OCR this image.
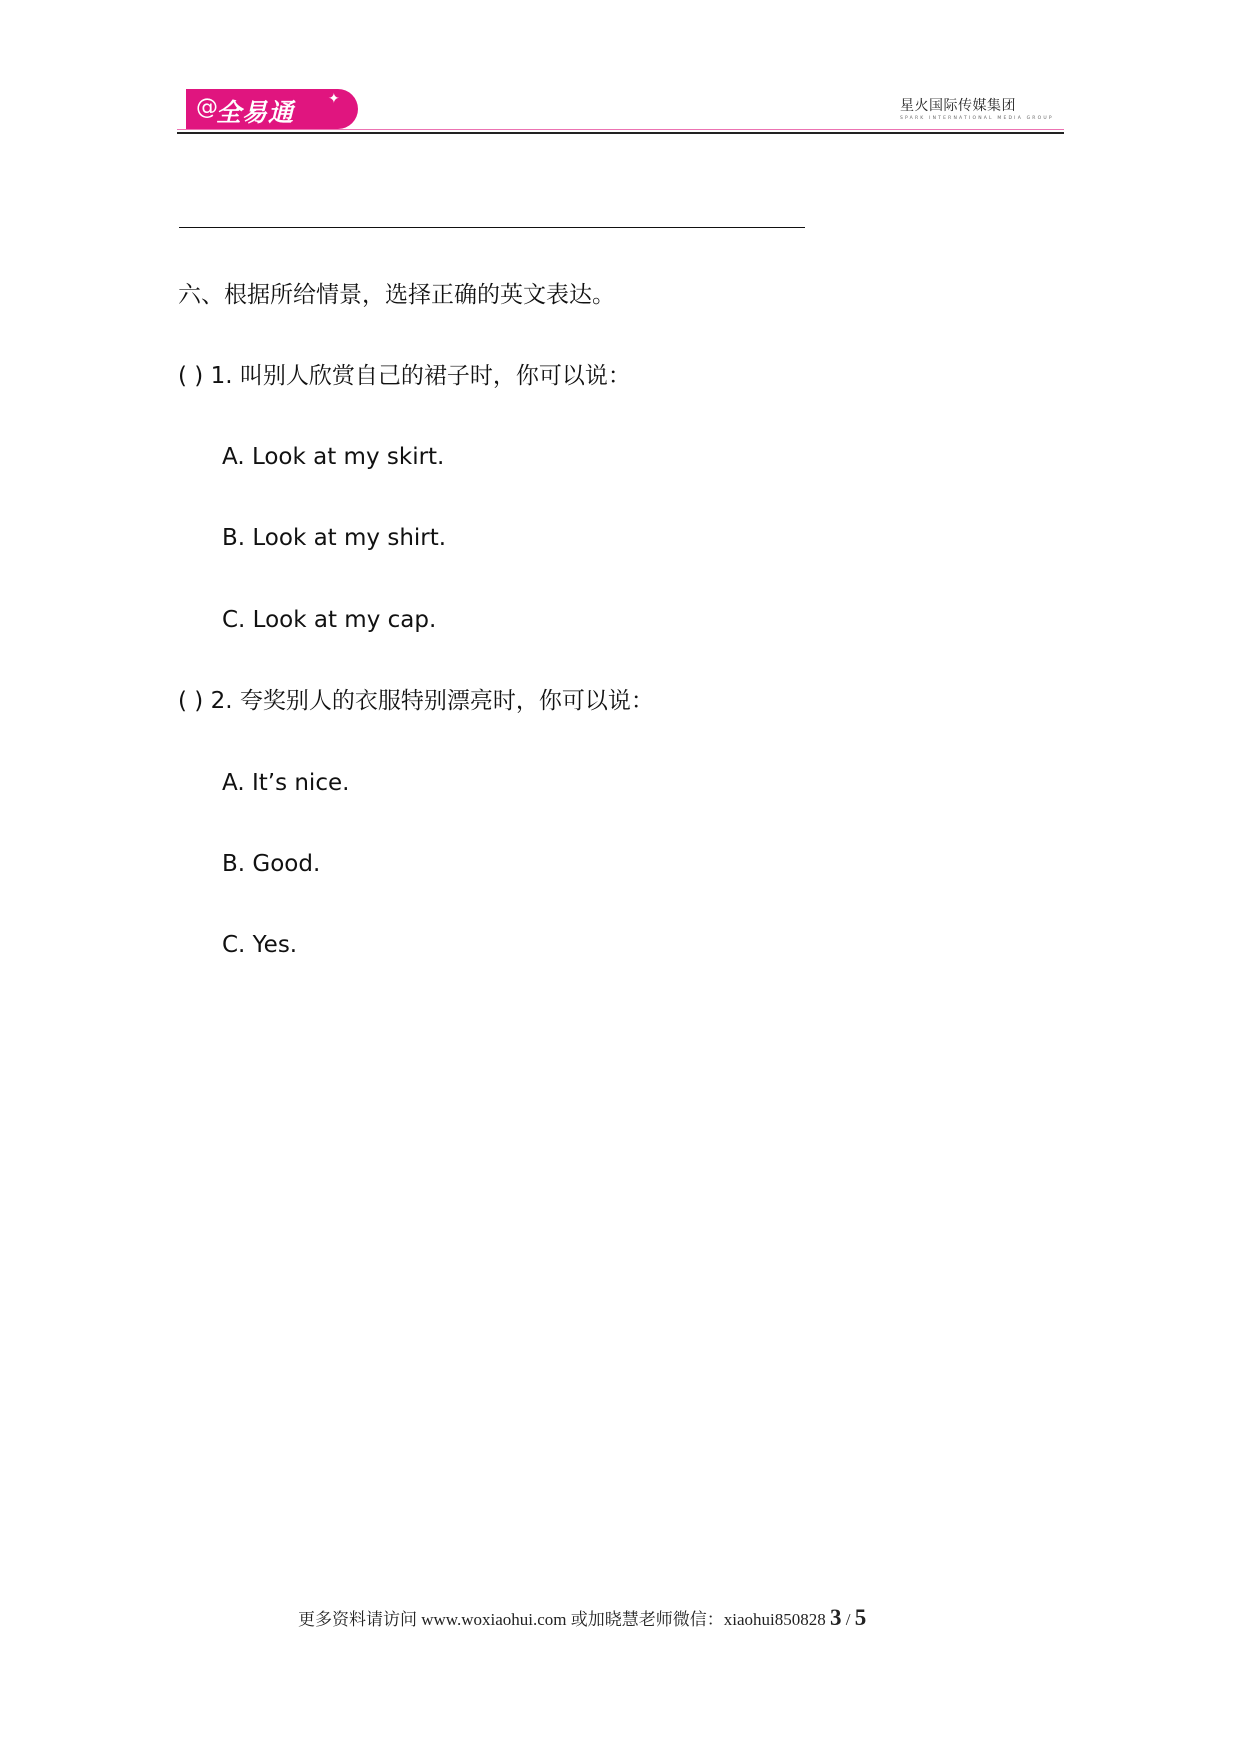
@
全易通 ✦	星火国际传媒集团
SPARK INTERNATIONAL MEDIA GROUP
六、根据所给情景，选择正确的英文表达。
( ) 1. 叫别人欣赏自己的裙子时，你可以说：
A. Look at my skirt.
B. Look at my shirt.
C. Look at my cap.
( ) 2. 夸奖别人的衣服特别漂亮时，你可以说：
A. It’s nice.
B. Good.
C. Yes.
更多资料请访问 www.woxiaohui.com 或加晓慧老师微信：xiaohui850828 3 / 5
